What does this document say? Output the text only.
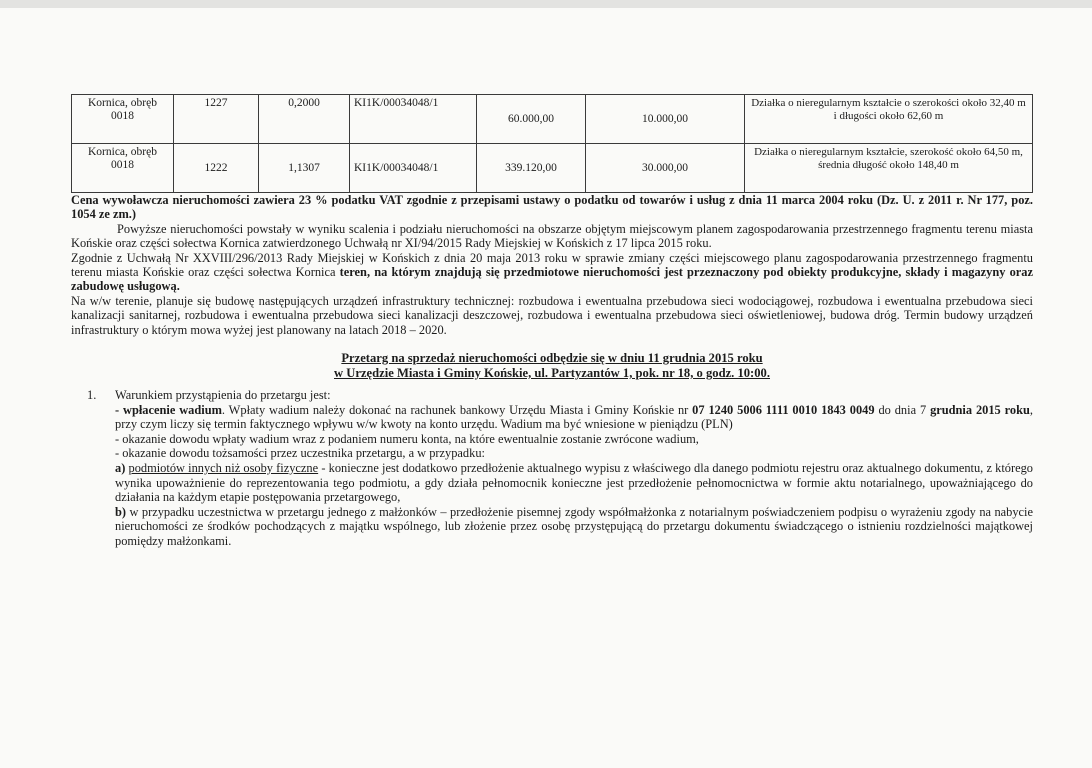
Kornica, obręb 0018	1227	0,2000	KI1K/00034048/1	60.000,00	10.000,00	Działka o nieregularnym kształcie o szerokości około 32,40 m i długości około 62,60 m
Kornica, obręb 0018	1222	1,1307	KI1K/00034048/1	339.120,00	30.000,00	Działka o nieregularnym kształcie, szerokość około 64,50 m, średnia długość około 148,40 m

Cena wywoławcza nieruchomości zawiera 23 % podatku VAT zgodnie z przepisami ustawy o podatku od towarów i usług z dnia 11 marca 2004 roku (Dz. U. z 2011 r. Nr 177, poz. 1054 ze zm.)

Powyższe nieruchomości powstały w wyniku scalenia i podziału nieruchomości na obszarze objętym miejscowym planem zagospodarowania przestrzennego fragmentu terenu miasta Końskie oraz części sołectwa Kornica zatwierdzonego Uchwałą nr XI/94/2015 Rady Miejskiej w Końskich z 17 lipca 2015 roku.

Zgodnie z Uchwałą Nr XXVIII/296/2013 Rady Miejskiej w Końskich z dnia 20 maja 2013 roku w sprawie zmiany części miejscowego planu zagospodarowania przestrzennego fragmentu terenu miasta Końskie oraz części sołectwa Kornica teren, na którym znajdują się przedmiotowe nieruchomości jest przeznaczony pod obiekty produkcyjne, składy i magazyny oraz zabudowę usługową.

Na w/w terenie, planuje się budowę następujących urządzeń infrastruktury technicznej: rozbudowa i ewentualna przebudowa sieci wodociągowej, rozbudowa i ewentualna przebudowa sieci kanalizacji sanitarnej, rozbudowa i ewentualna przebudowa sieci kanalizacji deszczowej, rozbudowa i ewentualna przebudowa sieci oświetleniowej, budowa dróg. Termin budowy urządzeń infrastruktury o którym mowa wyżej jest planowany na latach 2018 – 2020.

Przetarg na sprzedaż nieruchomości odbędzie się w dniu 11 grudnia 2015 roku
w Urzędzie Miasta i Gminy Końskie, ul. Partyzantów 1, pok. nr 18, o godz. 10:00.
1.	Warunkiem przystąpienia do przetargu jest:

- wpłacenie wadium. Wpłaty wadium należy dokonać na rachunek bankowy Urzędu Miasta i Gminy Końskie nr 07 1240 5006 1111 0010 1843 0049 do dnia 7 grudnia 2015 roku, przy czym liczy się termin faktycznego wpływu w/w kwoty na konto urzędu. Wadium ma być wniesione w pieniądzu (PLN)

- okazanie dowodu wpłaty wadium wraz z podaniem numeru konta, na które ewentualnie zostanie zwrócone wadium,

- okazanie dowodu tożsamości przez uczestnika przetargu, a w przypadku:

a) podmiotów innych niż osoby fizyczne - konieczne jest dodatkowo przedłożenie aktualnego wypisu z właściwego dla danego podmiotu rejestru oraz aktualnego dokumentu, z którego wynika upoważnienie do reprezentowania tego podmiotu, a gdy działa pełnomocnik konieczne jest przedłożenie pełnomocnictwa w formie aktu notarialnego, upoważniającego do działania na każdym etapie postępowania przetargowego,

b) w przypadku uczestnictwa w przetargu jednego z małżonków – przedłożenie pisemnej zgody współmałżonka z notarialnym poświadczeniem podpisu o wyrażeniu zgody na nabycie nieruchomości ze środków pochodzących z majątku wspólnego, lub złożenie przez osobę przystępującą do przetargu dokumentu świadczącego o istnieniu rozdzielności majątkowej pomiędzy małżonkami.
